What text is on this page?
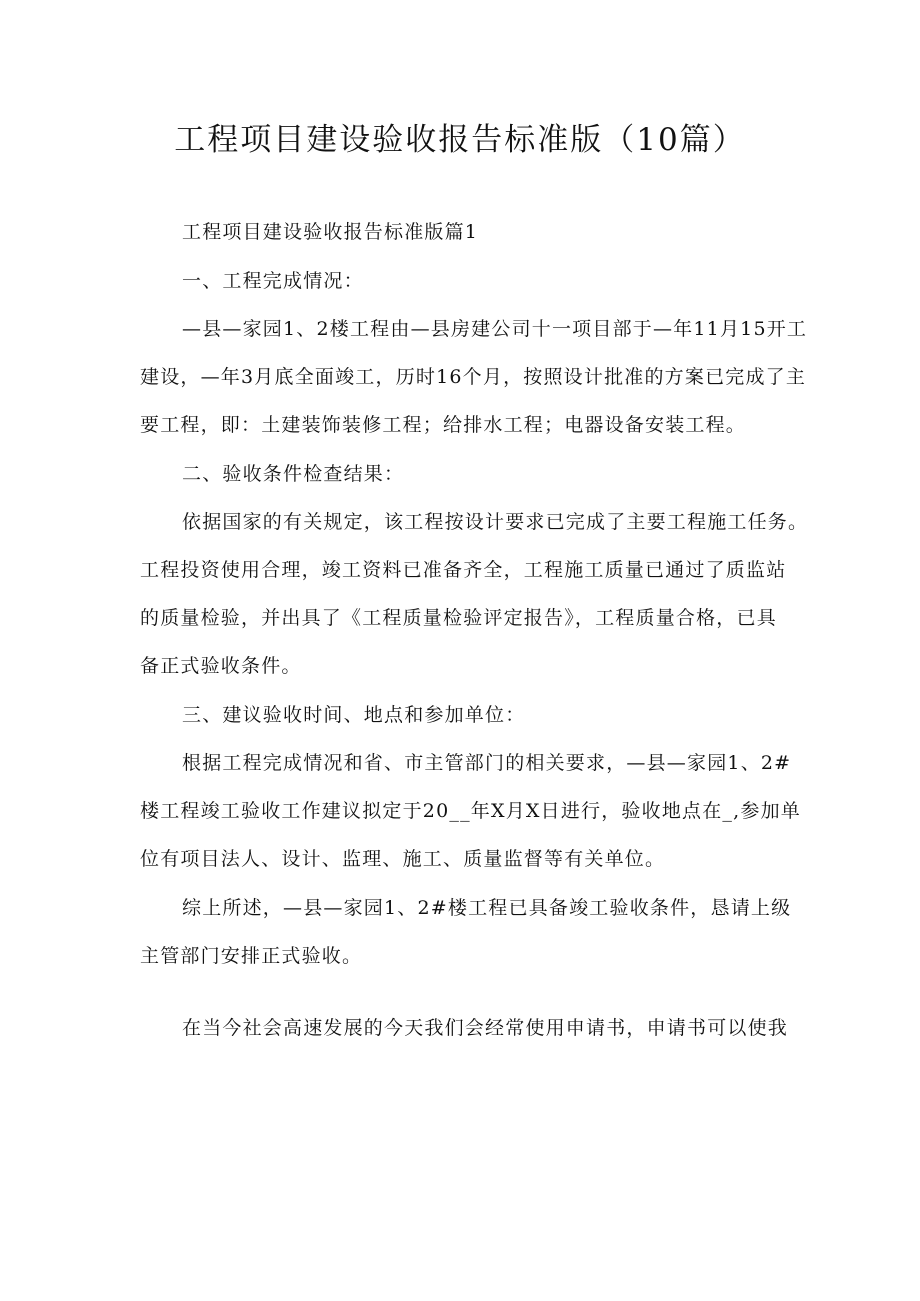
工程项目建设验收报告标准版（10篇）
工程项目建设验收报告标准版篇1
一、工程完成情况：
—县—家园1、2楼工程由—县房建公司十一项目部于—年11月15开工
建设，—年3月底全面竣工，历时16个月，按照设计批准的方案已完成了主
要工程，即：土建装饰装修工程；给排水工程；电器设备安装工程。
二、验收条件检查结果：
依据国家的有关规定，该工程按设计要求已完成了主要工程施工任务。
工程投资使用合理，竣工资料已准备齐全，工程施工质量已通过了质监站
的质量检验，并出具了《工程质量检验评定报告》，工程质量合格，已具
备正式验收条件。
三、建议验收时间、地点和参加单位：
根据工程完成情况和省、市主管部门的相关要求，—县—家园1、2#
楼工程竣工验收工作建议拟定于20__年X月X日进行，验收地点在_,参加单
位有项目法人、设计、监理、施工、质量监督等有关单位。
综上所述，—县—家园1、2#楼工程已具备竣工验收条件，恳请上级
主管部门安排正式验收。
在当今社会高速发展的今天我们会经常使用申请书，申请书可以使我
